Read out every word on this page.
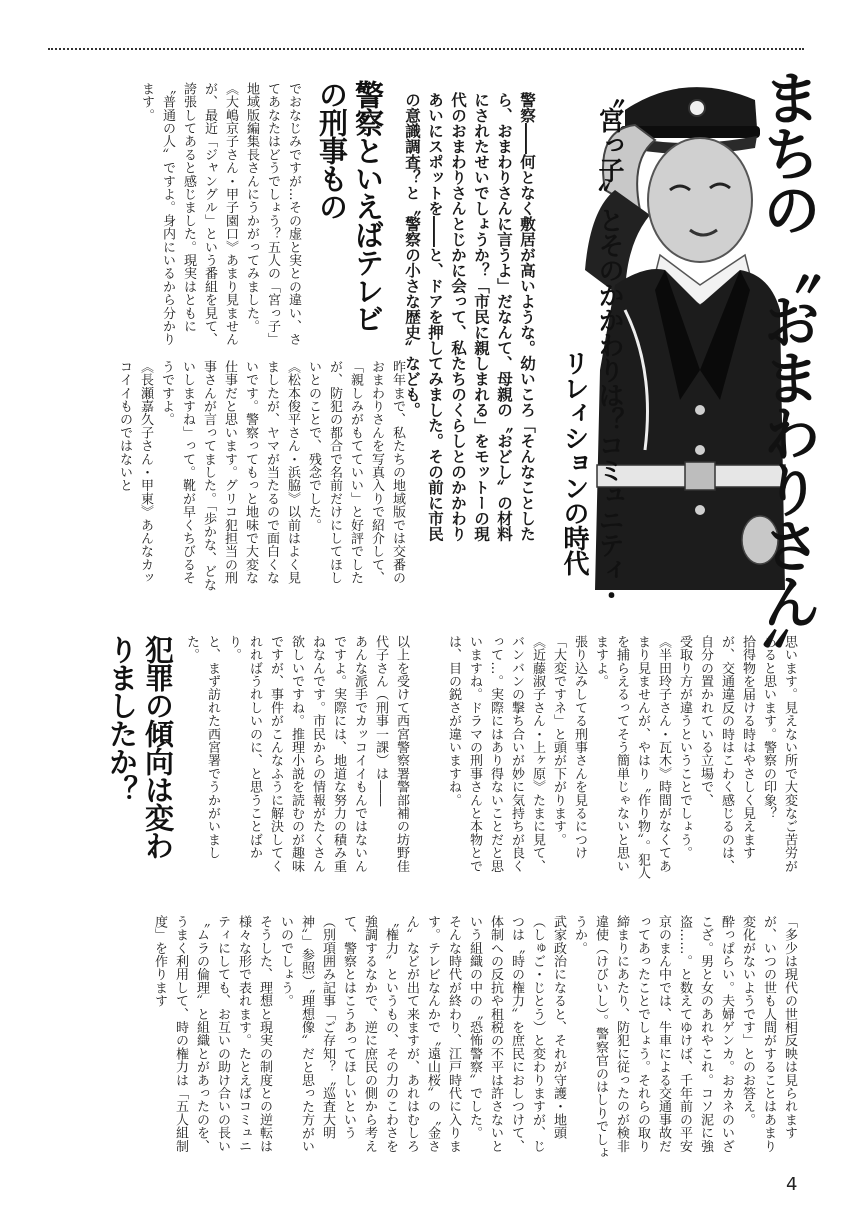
まちの〝おまわりさん〟
〝宮っ子〟とそのかかわりは？コミュニティ・
リレィションの時代

警察――何となく敷居が高いような。幼いころ「そんなことしたら、おまわりさんに言うよ」だなんて、母親の〝おどし〟の材料にされたせいでしょうか？「市民に親しまれる」をモットーの現代のおまわりさんとじかに会って、私たちのくらしとのかかわりあいにスポットを――と、ドアを押してみました。その前に市民の意識調査？と〝警察の小さな歴史〟なども。

警察といえばテレビの刑事もの

昨年まで、私たちの地域版では交番のおまわりさんを写真入りで紹介して、「親しみがもてていい」と好評でしたが、防犯の都合で名前だけにしてほしいとのことで、残念でした。

《松本俊平さん・浜脇》以前はよく見ましたが、ヤマが当たるので面白くないです。警察ってもっと地味で大変な仕事だと思います。グリコ犯担当の刑事さんが言ってました。「歩かな、どないしますね」って。靴が早くちびるそうですよ。

《長瀬嘉久子さん・甲東》あんなカッコイイものではないと

でおなじみですが…その虚と実との違い、さてあなたはどうでしょう？五人の「宮っ子」地域版編集長さんにうかがってみました。

《大嶋京子さん・甲子園口》あまり見ませんが、最近「ジャングル」という番組を見て、誇張してあると感じました。現実はともに

〝普通の人〟ですよ。身内にいるから分かります。

思います。見えない所で大変なご苦労があると思います。警察の印象？

拾得物を届ける時はやさしく見えますが、交通違反の時はこわく感じるのは、自分の置かれている立場で、

受取り方が違うということでしょう。

《半田玲子さん・瓦木》時間がなくてあまり見ませんが、やはり〝作り物〟。犯人を捕らえるってそう簡単じゃないと思いますよ。

張り込みしてる刑事さんを見るにつけ「大変ですネ」と頭が下がります。

《近藤淑子さん・上ヶ原》たまに見て、バンバンの撃ち合いが妙に気持ちが良くって…。実際にはあり得ないことだと思いますね。ドラマの刑事さんと本物とでは、目の鋭さが違いますね。

以上を受けて西宮警察署警部補の坊野佳代子さん（刑事一課）は――

あんな派手でカッコイイもんではないんですよ。実際には、地道な努力の積み重ねなんです。市民からの情報がたくさん欲しいですね。推理小説を読むのが趣味ですが、事件がこんなふうに解決してくれればうれしいのに、と思うことばかり。

と、まず訪れた西宮署でうかがいました。

犯罪の傾向は変わりましたか？

「多少は現代の世相反映は見られますが、いつの世も人間がすることはあまり変化がないようです」とのお答え。

酔っぱらい。夫婦ゲンカ。おカネのいざこざ。男と女のあれやこれ。コソ泥に強盗……。と数えてゆけば、千年前の平安京のまん中では、牛車による交通事故だってあったことでしょう。それらの取り締まりにあたり、防犯に従ったのが検非違使（けびいし）。警察官のはしりでしょうか。

武家政治になると、それが守護・地頭（しゅご・じとう）と変わりますが、じつは〝時の権力〟を庶民におしつけて、体制への反抗や租税の不平は許さないという組織の中の〝恐怖警察〟でした。

そんな時代が終わり、江戸時代に入ります。テレビなんかで〝遠山桜〟の〝金さん〟などが出て来ますが、あれはむしろ〝権力〟というもの、その力のこわさを強調するなかで、逆に庶民の側から考えて、警察とはこうあってほしいという（別項囲み記事「ご存知？〝巡査大明神〟」参照）〝理想像〟だと思った方がいいのでしょう。

そうした、理想と現実の制度との逆転は様々な形で表れます。たとえばコミュニティにしても、お互いの助け合いの長い〝ムラの倫理〟と組織とがあったのを、うまく利用して、時の権力は「五人組制度」を作ります

4
